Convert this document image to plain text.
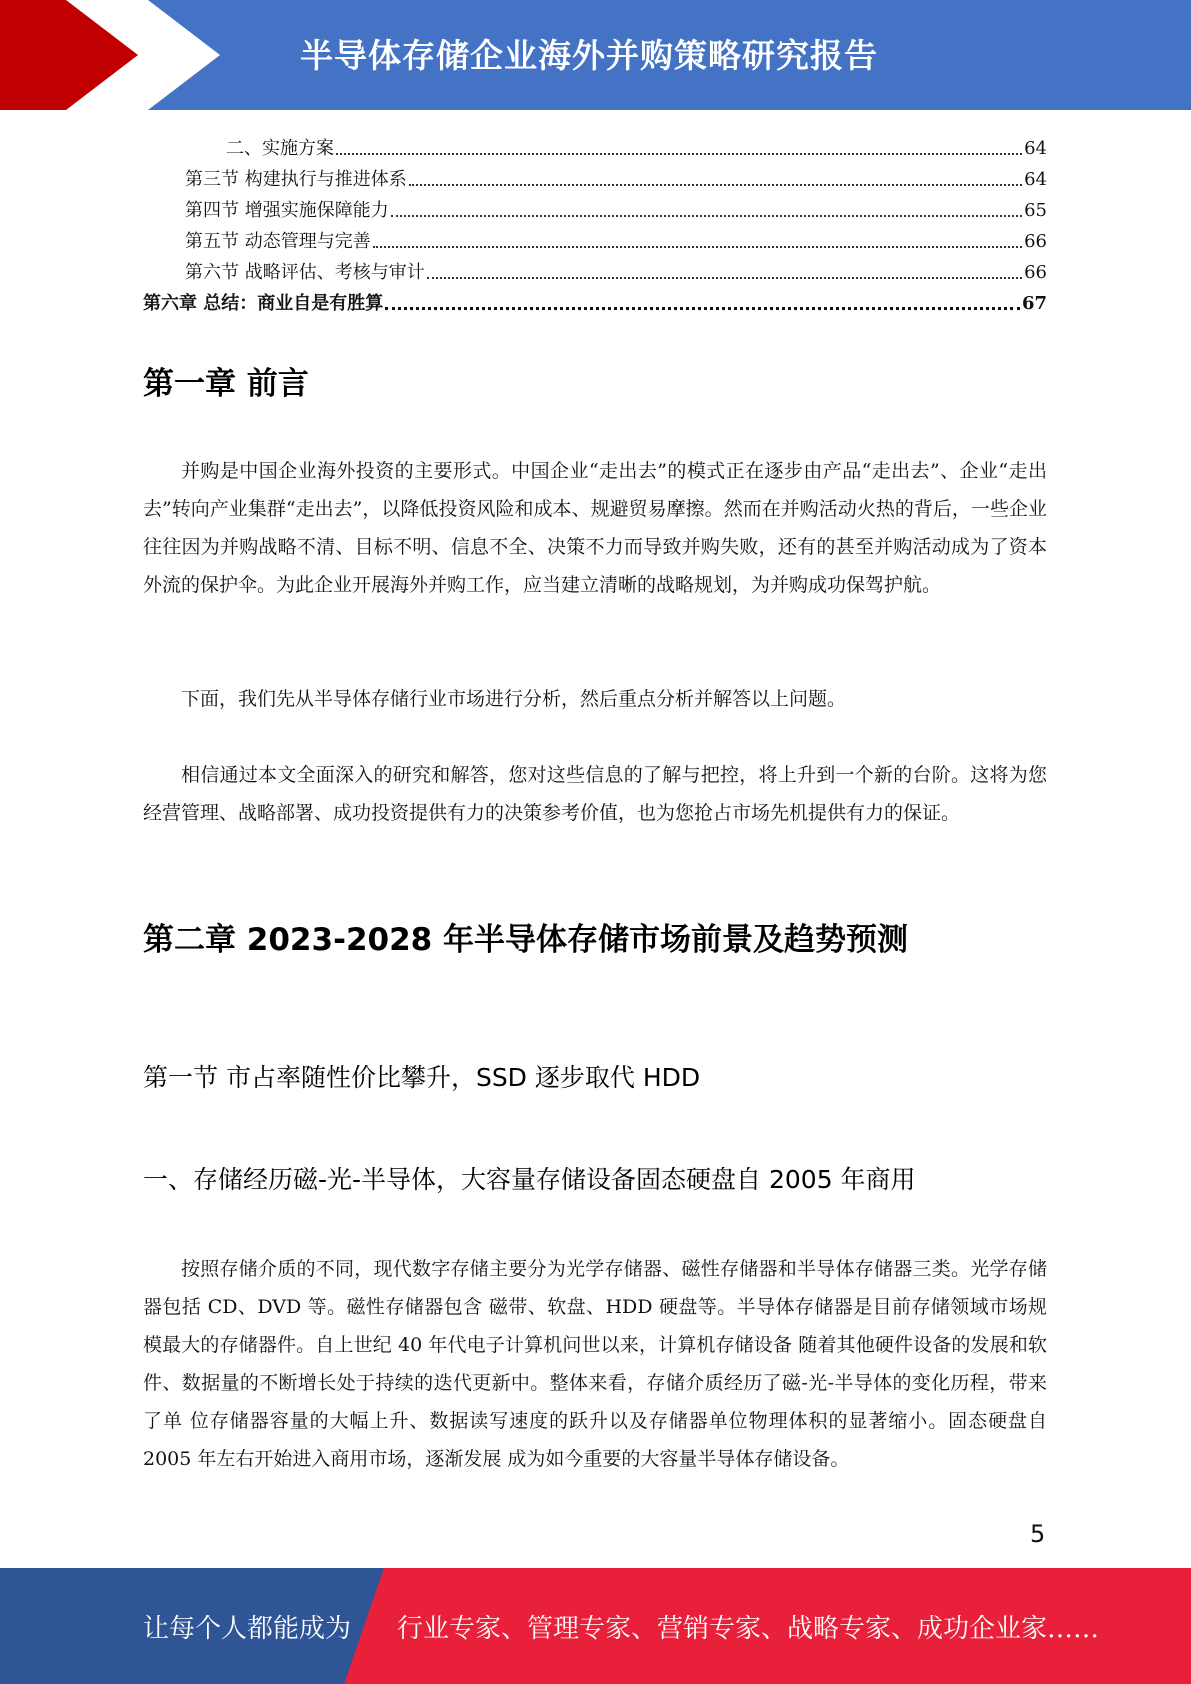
半导体存储企业海外并购策略研究报告
二、实施方案	64
第三节 构建执行与推进体系	64
第四节 增强实施保障能力	65
第五节 动态管理与完善	66
第六节 战略评估、考核与审计	66
第六章 总结：商业自是有胜算	67
第一章 前言
并购是中国企业海外投资的主要形式。中国企业“走出去”的模式正在逐步由产品“走出去”、企业“走出去”转向产业集群“走出去”，以降低投资风险和成本、规避贸易摩擦。然而在并购活动火热的背后，一些企业往往因为并购战略不清、目标不明、信息不全、决策不力而导致并购失败，还有的甚至并购活动成为了资本外流的保护伞。为此企业开展海外并购工作，应当建立清晰的战略规划，为并购成功保驾护航。
下面，我们先从半导体存储行业市场进行分析，然后重点分析并解答以上问题。
相信通过本文全面深入的研究和解答，您对这些信息的了解与把控，将上升到一个新的台阶。这将为您经营管理、战略部署、成功投资提供有力的决策参考价值，也为您抢占市场先机提供有力的保证。
第二章 2023-2028 年半导体存储市场前景及趋势预测
第一节 市占率随性价比攀升，SSD 逐步取代 HDD
一、存储经历磁-光-半导体，大容量存储设备固态硬盘自 2005 年商用
按照存储介质的不同，现代数字存储主要分为光学存储器、磁性存储器和半导体存储器三类。光学存储器包括 CD、DVD 等。磁性存储器包含 磁带、软盘、HDD 硬盘等。半导体存储器是目前存储领域市场规模最大的存储器件。自上世纪 40 年代电子计算机问世以来，计算机存储设备 随着其他硬件设备的发展和软件、数据量的不断增长处于持续的迭代更新中。整体来看，存储介质经历了磁-光-半导体的变化历程，带来了单 位存储器容量的大幅上升、数据读写速度的跃升以及存储器单位物理体积的显著缩小。固态硬盘自 2005 年左右开始进入商用市场，逐渐发展 成为如今重要的大容量半导体存储设备。
5
让每个人都能成为 行业专家、管理专家、营销专家、战略专家、成功企业家……
